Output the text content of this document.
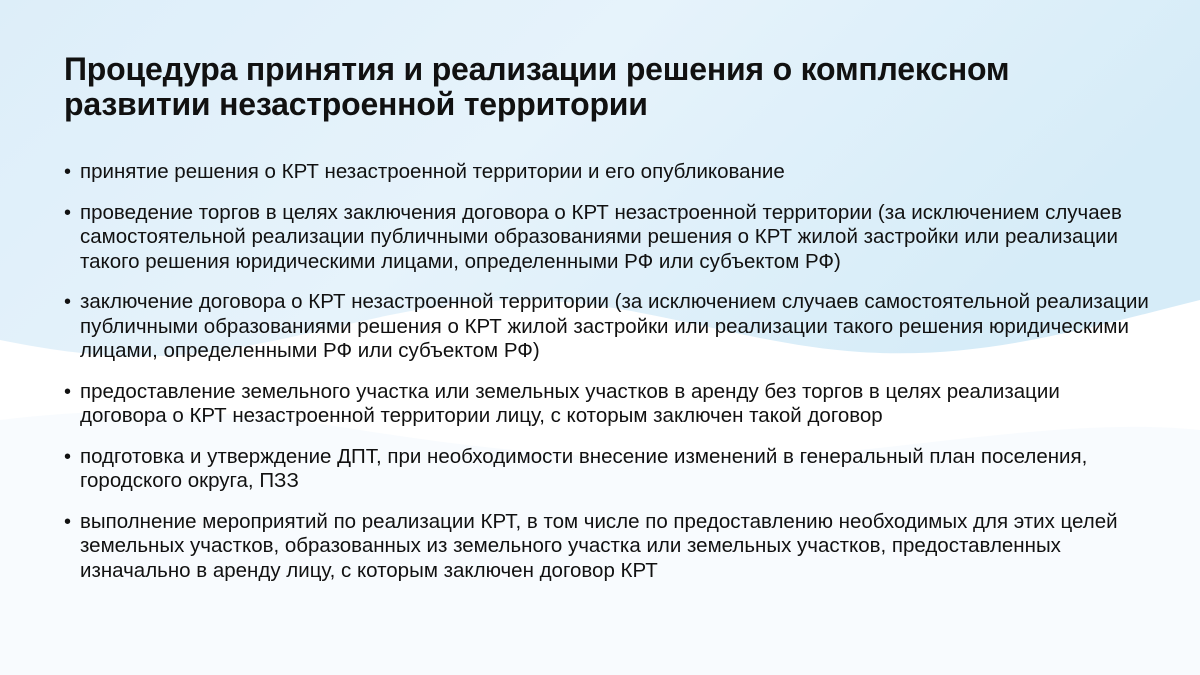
Процедура принятия и реализации решения о комплексном развитии незастроенной территории
• принятие решения о КРТ незастроенной территории и его опубликование
• проведение торгов в целях заключения договора о КРТ незастроенной территории (за исключением случаев самостоятельной реализации публичными образованиями решения о КРТ жилой застройки или реализации такого решения юридическими лицами, определенными РФ или субъектом РФ)
• заключение договора о КРТ незастроенной территории (за исключением случаев самостоятельной реализации публичными образованиями решения о КРТ жилой застройки или реализации такого решения юридическими лицами, определенными РФ или субъектом РФ)
• предоставление земельного участка или земельных участков в аренду без торгов в целях реализации договора о КРТ незастроенной территории лицу, с которым заключен такой договор
• подготовка и утверждение ДПТ, при необходимости внесение изменений в генеральный план поселения, городского округа, ПЗЗ
• выполнение мероприятий по реализации КРТ, в том числе по предоставлению необходимых для этих целей земельных участков, образованных из земельного участка или земельных участков, предоставленных изначально в аренду лицу, с которым заключен договор КРТ
